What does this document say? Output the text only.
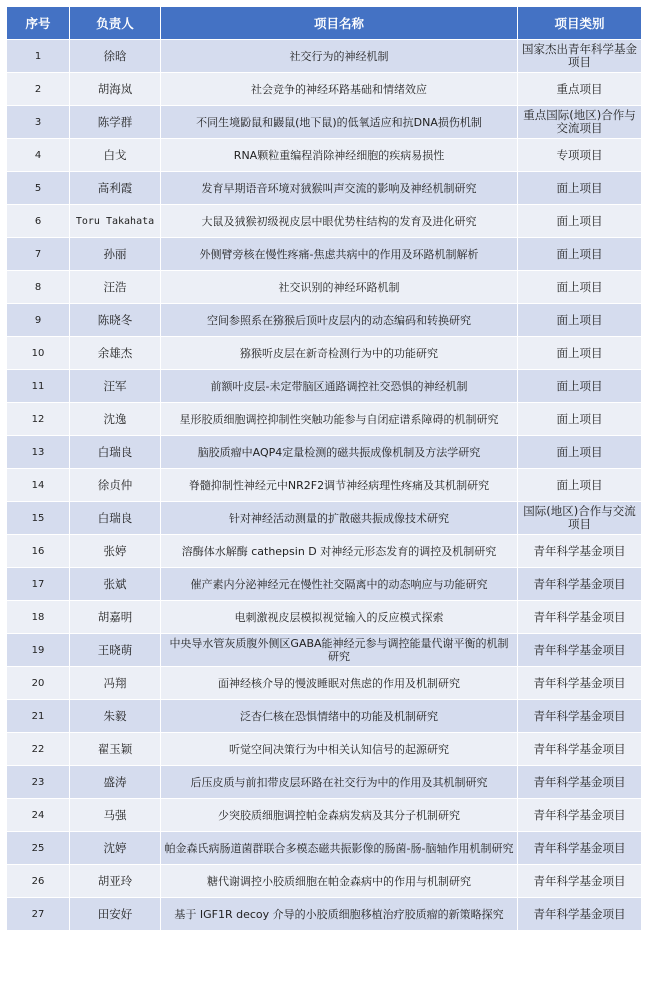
序号	负责人	项目名称	项目类别
1	徐晗	社交行为的神经机制	国家杰出青年科学基金项目
2	胡海岚	社会竞争的神经环路基础和情绪效应	重点项目
3	陈学群	不同生境鼢鼠和鼹鼠(地下鼠)的低氧适应和抗DNA损伤机制	重点国际(地区)合作与交流项目
4	白戈	RNA颗粒重编程消除神经细胞的疾病易损性	专项项目
5	高利霞	发育早期语音环境对狨猴叫声交流的影响及神经机制研究	面上项目
6	Toru Takahata	大鼠及狨猴初级视皮层中眼优势柱结构的发育及进化研究	面上项目
7	孙丽	外侧臂旁核在慢性疼痛-焦虑共病中的作用及环路机制解析	面上项目
8	汪浩	社交识别的神经环路机制	面上项目
9	陈晓冬	空间参照系在猕猴后顶叶皮层内的动态编码和转换研究	面上项目
10	余雄杰	猕猴听皮层在新奇检测行为中的功能研究	面上项目
11	汪军	前额叶皮层-未定带脑区通路调控社交恐惧的神经机制	面上项目
12	沈逸	星形胶质细胞调控抑制性突触功能参与自闭症谱系障碍的机制研究	面上项目
13	白瑞良	脑胶质瘤中AQP4定量检测的磁共振成像机制及方法学研究	面上项目
14	徐贞仲	脊髓抑制性神经元中NR2F2调节神经病理性疼痛及其机制研究	面上项目
15	白瑞良	针对神经活动测量的扩散磁共振成像技术研究	国际(地区)合作与交流项目
16	张婷	溶酶体水解酶 cathepsin D 对神经元形态发育的调控及机制研究	青年科学基金项目
17	张斌	催产素内分泌神经元在慢性社交隔离中的动态响应与功能研究	青年科学基金项目
18	胡嘉明	电刺激视皮层模拟视觉输入的反应模式探索	青年科学基金项目
19	王晓萌	中央导水管灰质腹外侧区GABA能神经元参与调控能量代谢平衡的机制研究	青年科学基金项目
20	冯翔	面神经核介导的慢波睡眠对焦虑的作用及机制研究	青年科学基金项目
21	朱毅	泛杏仁核在恐惧情绪中的功能及机制研究	青年科学基金项目
22	翟玉颖	听觉空间决策行为中相关认知信号的起源研究	青年科学基金项目
23	盛涛	后压皮质与前扣带皮层环路在社交行为中的作用及其机制研究	青年科学基金项目
24	马强	少突胶质细胞调控帕金森病发病及其分子机制研究	青年科学基金项目
25	沈婷	帕金森氏病肠道菌群联合多模态磁共振影像的肠菌-肠-脑轴作用机制研究	青年科学基金项目
26	胡亚玲	糖代谢调控小胶质细胞在帕金森病中的作用与机制研究	青年科学基金项目
27	田安好	基于 IGF1R decoy 介导的小胶质细胞移植治疗胶质瘤的新策略探究	青年科学基金项目
